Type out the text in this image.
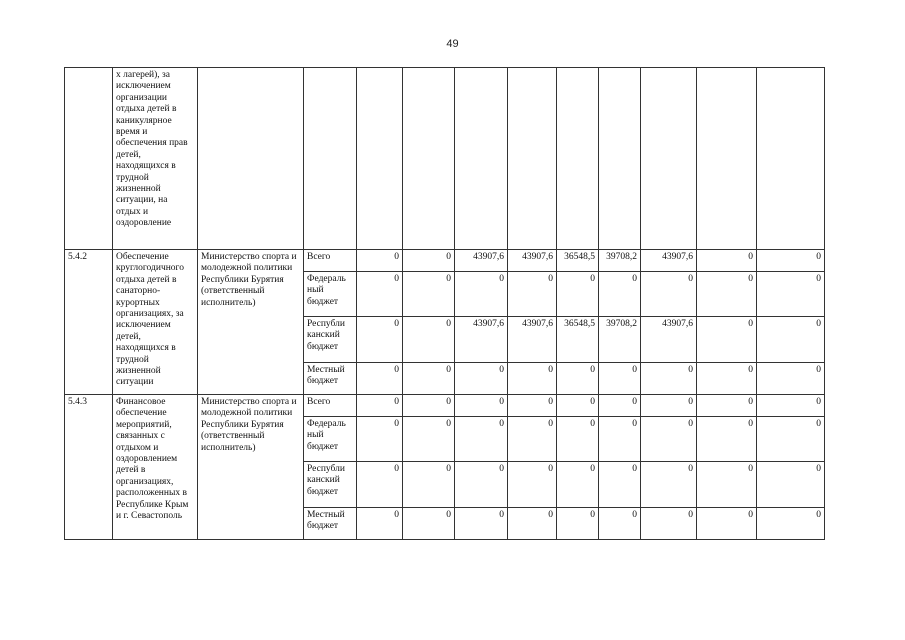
49
	х лагерей), за исключением организации отдыха детей в каникулярное время и обеспечения прав детей, находящихся в трудной жизненной ситуации, на отдых и оздоровление											
5.4.2	Обеспечение круглогодичного отдыха детей в санаторно-курортных организациях, за исключением детей, находящихся в трудной жизненной ситуации	Министерство спорта и молодежной политики Республики Бурятия (ответственный исполнитель)	Всего	0	0	43907,6	43907,6	36548,5	39708,2	43907,6	0	0
			Федераль ный бюджет	0	0	0	0	0	0	0	0	0
			Республи канский бюджет	0	0	43907,6	43907,6	36548,5	39708,2	43907,6	0	0
			Местный бюджет	0	0	0	0	0	0	0	0	0
5.4.3	Финансовое обеспечение мероприятий, связанных с отдыхом и оздоровлением детей в организациях, расположенных в Республике Крым и г. Севастополь	Министерство спорта и молодежной политики Республики Бурятия (ответственный исполнитель)	Всего	0	0	0	0	0	0	0	0	0
			Федераль ный бюджет	0	0	0	0	0	0	0	0	0
			Республи канский бюджет	0	0	0	0	0	0	0	0	0
			Местный бюджет	0	0	0	0	0	0	0	0	0
